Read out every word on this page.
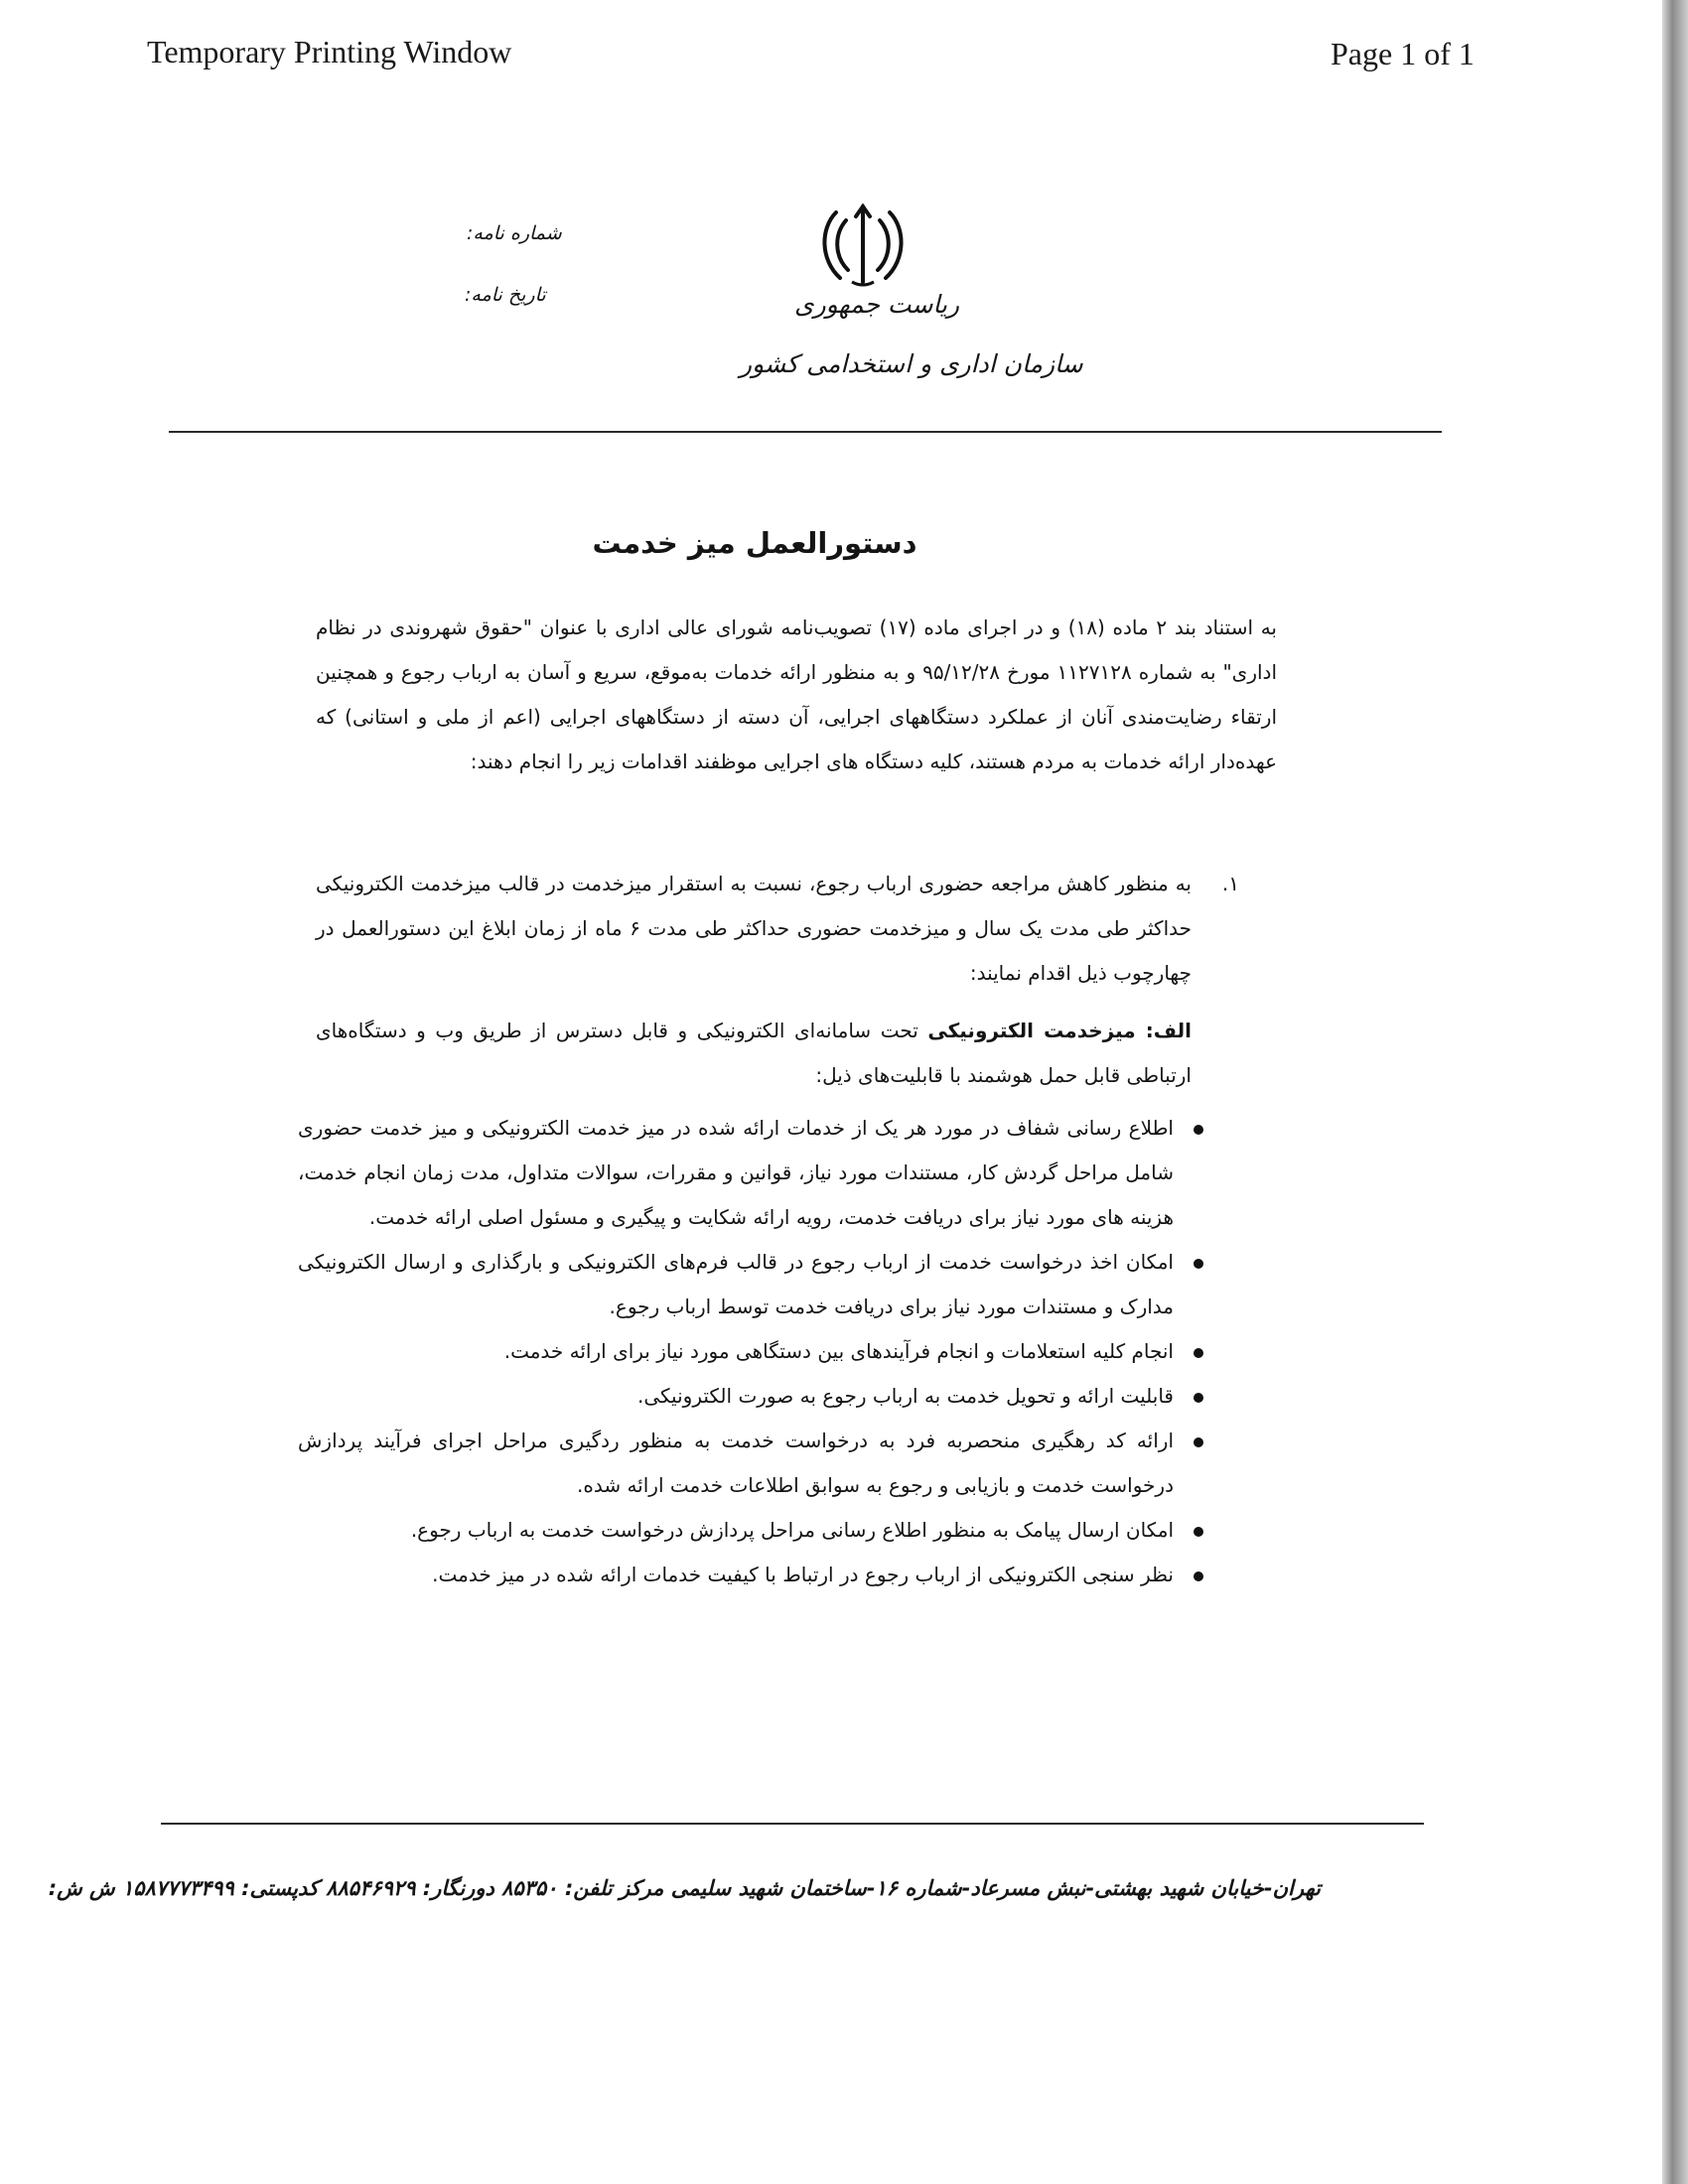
Temporary Printing Window	Page 1 of 1
ریاست جمهوری
سازمان اداری و استخدامی کشور
شماره نامه:
تاریخ نامه:
دستورالعمل میز خدمت
به استناد بند ۲ ماده (۱۸) و در اجرای ماده (۱۷) تصویب‌نامه شورای عالی اداری با عنوان "حقوق شهروندی در نظام اداری" به شماره ۱۱۲۷۱۲۸ مورخ ۹۵/۱۲/۲۸ و به منظور ارائه خدمات به‌موقع، سریع و آسان به ارباب رجوع و همچنین ارتقاء رضایت‌مندی آنان از عملکرد دستگاههای اجرایی، آن دسته از دستگاههای اجرایی (اعم از ملی و استانی) که عهده‌دار ارائه خدمات به مردم هستند، کلیه دستگاه های اجرایی موظفند اقدامات زیر را انجام دهند:
۱.
به منظور کاهش مراجعه حضوری ارباب رجوع، نسبت به استقرار میزخدمت در قالب میزخدمت الکترونیکی حداکثر طی مدت یک سال و میزخدمت حضوری حداکثر طی مدت ۶ ماه از زمان ابلاغ این دستورالعمل در چهارچوب ذیل اقدام نمایند:
الف: میزخدمت الکترونیکی تحت سامانه‌ای الکترونیکی و قابل دسترس از طریق وب و دستگاه‌های ارتباطی قابل حمل هوشمند با قابلیت‌های ذیل:
اطلاع رسانی شفاف در مورد هر یک از خدمات ارائه شده در میز خدمت الکترونیکی و میز خدمت حضوری شامل مراحل گردش کار، مستندات مورد نیاز، قوانین و مقررات، سوالات متداول، مدت زمان انجام خدمت، هزینه های مورد نیاز برای دریافت خدمت، رویه ارائه شکایت و پیگیری و مسئول اصلی ارائه خدمت.
امکان اخذ درخواست خدمت از ارباب رجوع در قالب فرم‌های الکترونیکی و بارگذاری و ارسال الکترونیکی مدارک و مستندات مورد نیاز برای دریافت خدمت توسط ارباب رجوع.
انجام کلیه استعلامات و انجام فرآیندهای بین دستگاهی مورد نیاز برای ارائه خدمت.
قابلیت ارائه و تحویل خدمت به ارباب رجوع به صورت الکترونیکی.
ارائه کد رهگیری منحصربه فرد به درخواست خدمت به منظور ردگیری مراحل اجرای فرآیند پردازش درخواست خدمت و بازیابی و رجوع به سوابق اطلاعات خدمت ارائه شده.
امکان ارسال پیامک به منظور اطلاع رسانی مراحل پردازش درخواست خدمت به ارباب رجوع.
نظر سنجی الکترونیکی از ارباب رجوع در ارتباط با کیفیت خدمات ارائه شده در میز خدمت.
تهران-خیابان شهید بهشتی-نبش مسرعاد-شماره ۱۶-ساختمان شهید سلیمی مرکز تلفن: ۸۵۳۵۰ دورنگار: ۸۸۵۴۶۹۲۹ کدپستی: ۱۵۸۷۷۷۳۴۹۹ ش ش:
